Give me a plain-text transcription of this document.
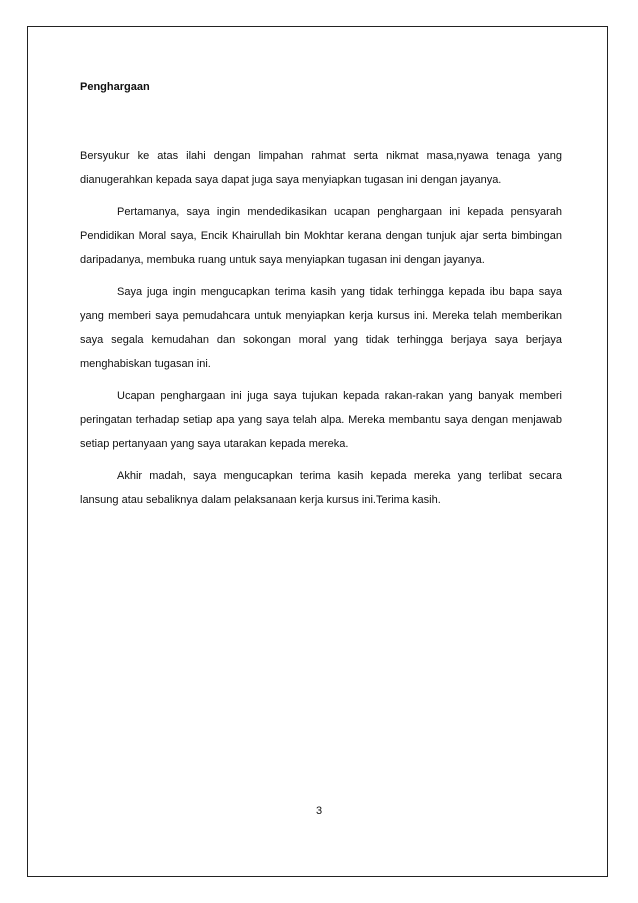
Penghargaan

Bersyukur ke atas ilahi dengan limpahan rahmat serta nikmat masa,nyawa tenaga yang dianugerahkan kepada saya dapat juga saya menyiapkan tugasan ini dengan jayanya.

Pertamanya, saya ingin mendedikasikan ucapan penghargaan ini kepada pensyarah Pendidikan Moral saya, Encik Khairullah bin Mokhtar kerana dengan tunjuk ajar serta bimbingan daripadanya, membuka ruang untuk saya menyiapkan tugasan ini dengan jayanya.

Saya juga ingin mengucapkan terima kasih yang tidak terhingga kepada ibu bapa saya yang memberi saya pemudahcara untuk menyiapkan kerja kursus ini. Mereka telah memberikan saya segala kemudahan dan sokongan moral yang tidak terhingga berjaya saya berjaya menghabiskan tugasan ini.

Ucapan penghargaan ini juga saya tujukan kepada rakan-rakan yang banyak memberi peringatan terhadap setiap apa yang saya telah alpa. Mereka membantu saya dengan menjawab setiap pertanyaan yang saya utarakan kepada mereka.

Akhir madah, saya mengucapkan terima kasih kepada mereka yang terlibat secara lansung atau sebaliknya dalam pelaksanaan kerja kursus ini.Terima kasih.

3
